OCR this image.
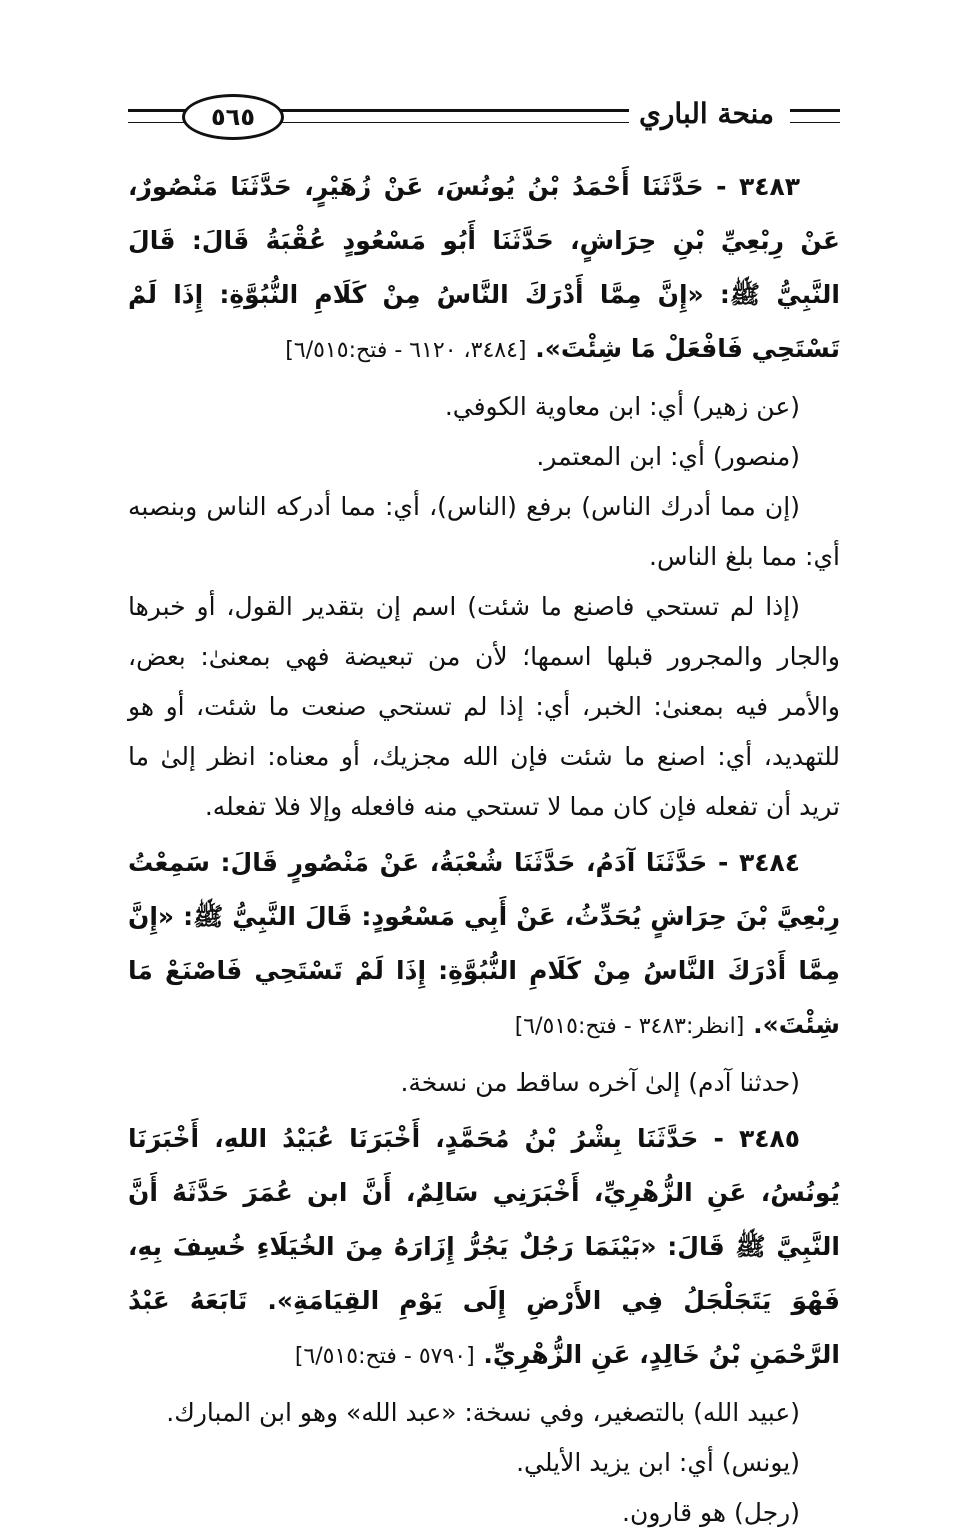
٥٦٥	منحة الباري

٣٤٨٣ - حَدَّثَنَا أَحْمَدُ بْنُ يُونُسَ، عَنْ زُهَيْرٍ، حَدَّثَنَا مَنْصُورٌ، عَنْ رِبْعِيِّ بْنِ حِرَاشٍ، حَدَّثَنَا أَبُو مَسْعُودٍ عُقْبَةُ قَالَ: قَالَ النَّبِيُّ ﷺ: «إِنَّ مِمَّا أَدْرَكَ النَّاسُ مِنْ كَلَامِ النُّبُوَّةِ: إِذَا لَمْ تَسْتَحِي فَافْعَلْ مَا شِئْتَ». [٣٤٨٤، ٦١٢٠ - فتح:٦/٥١٥]

(عن زهير) أي: ابن معاوية الكوفي.

(منصور) أي: ابن المعتمر.

(إن مما أدرك الناس) برفع (الناس)، أي: مما أدركه الناس وبنصبه أي: مما بلغ الناس.

(إذا لم تستحي فاصنع ما شئت) اسم إن بتقدير القول، أو خبرها والجار والمجرور قبلها اسمها؛ لأن من تبعيضة فهي بمعنىٰ: بعض، والأمر فيه بمعنىٰ: الخبر، أي: إذا لم تستحي صنعت ما شئت، أو هو للتهديد، أي: اصنع ما شئت فإن الله مجزيك، أو معناه: انظر إلىٰ ما تريد أن تفعله فإن كان مما لا تستحي منه فافعله وإلا فلا تفعله.

٣٤٨٤ - حَدَّثَنَا آدَمُ، حَدَّثَنَا شُعْبَةُ، عَنْ مَنْصُورٍ قَالَ: سَمِعْتُ رِبْعِيَّ بْنَ حِرَاشٍ يُحَدِّثُ، عَنْ أَبِي مَسْعُودٍ: قَالَ النَّبِيُّ ﷺ: «إِنَّ مِمَّا أَدْرَكَ النَّاسُ مِنْ كَلَامِ النُّبُوَّةِ: إِذَا لَمْ تَسْتَحِي فَاصْنَعْ مَا شِئْتَ». [انظر:٣٤٨٣ - فتح:٦/٥١٥]

(حدثنا آدم) إلىٰ آخره ساقط من نسخة.

٣٤٨٥ - حَدَّثَنَا بِشْرُ بْنُ مُحَمَّدٍ، أَخْبَرَنَا عُبَيْدُ اللهِ، أَخْبَرَنَا يُونُسُ، عَنِ الزُّهْرِيِّ، أَخْبَرَنِي سَالِمٌ، أَنَّ ابن عُمَرَ حَدَّثَهُ أَنَّ النَّبِيَّ ﷺ قَالَ: «بَيْنَمَا رَجُلٌ يَجُرُّ إِزَارَهُ مِنَ الخُيَلَاءِ خُسِفَ بِهِ، فَهْوَ يَتَجَلْجَلُ فِي الأَرْضِ إِلَى يَوْمِ القِيَامَةِ». تَابَعَهُ عَبْدُ الرَّحْمَنِ بْنُ خَالِدٍ، عَنِ الزُّهْرِيِّ. [٥٧٩٠ - فتح:٦/٥١٥]

(عبيد الله) بالتصغير، وفي نسخة: «عبد الله» وهو ابن المبارك.

(يونس) أي: ابن يزيد الأيلي.

(رجل) هو قارون.
